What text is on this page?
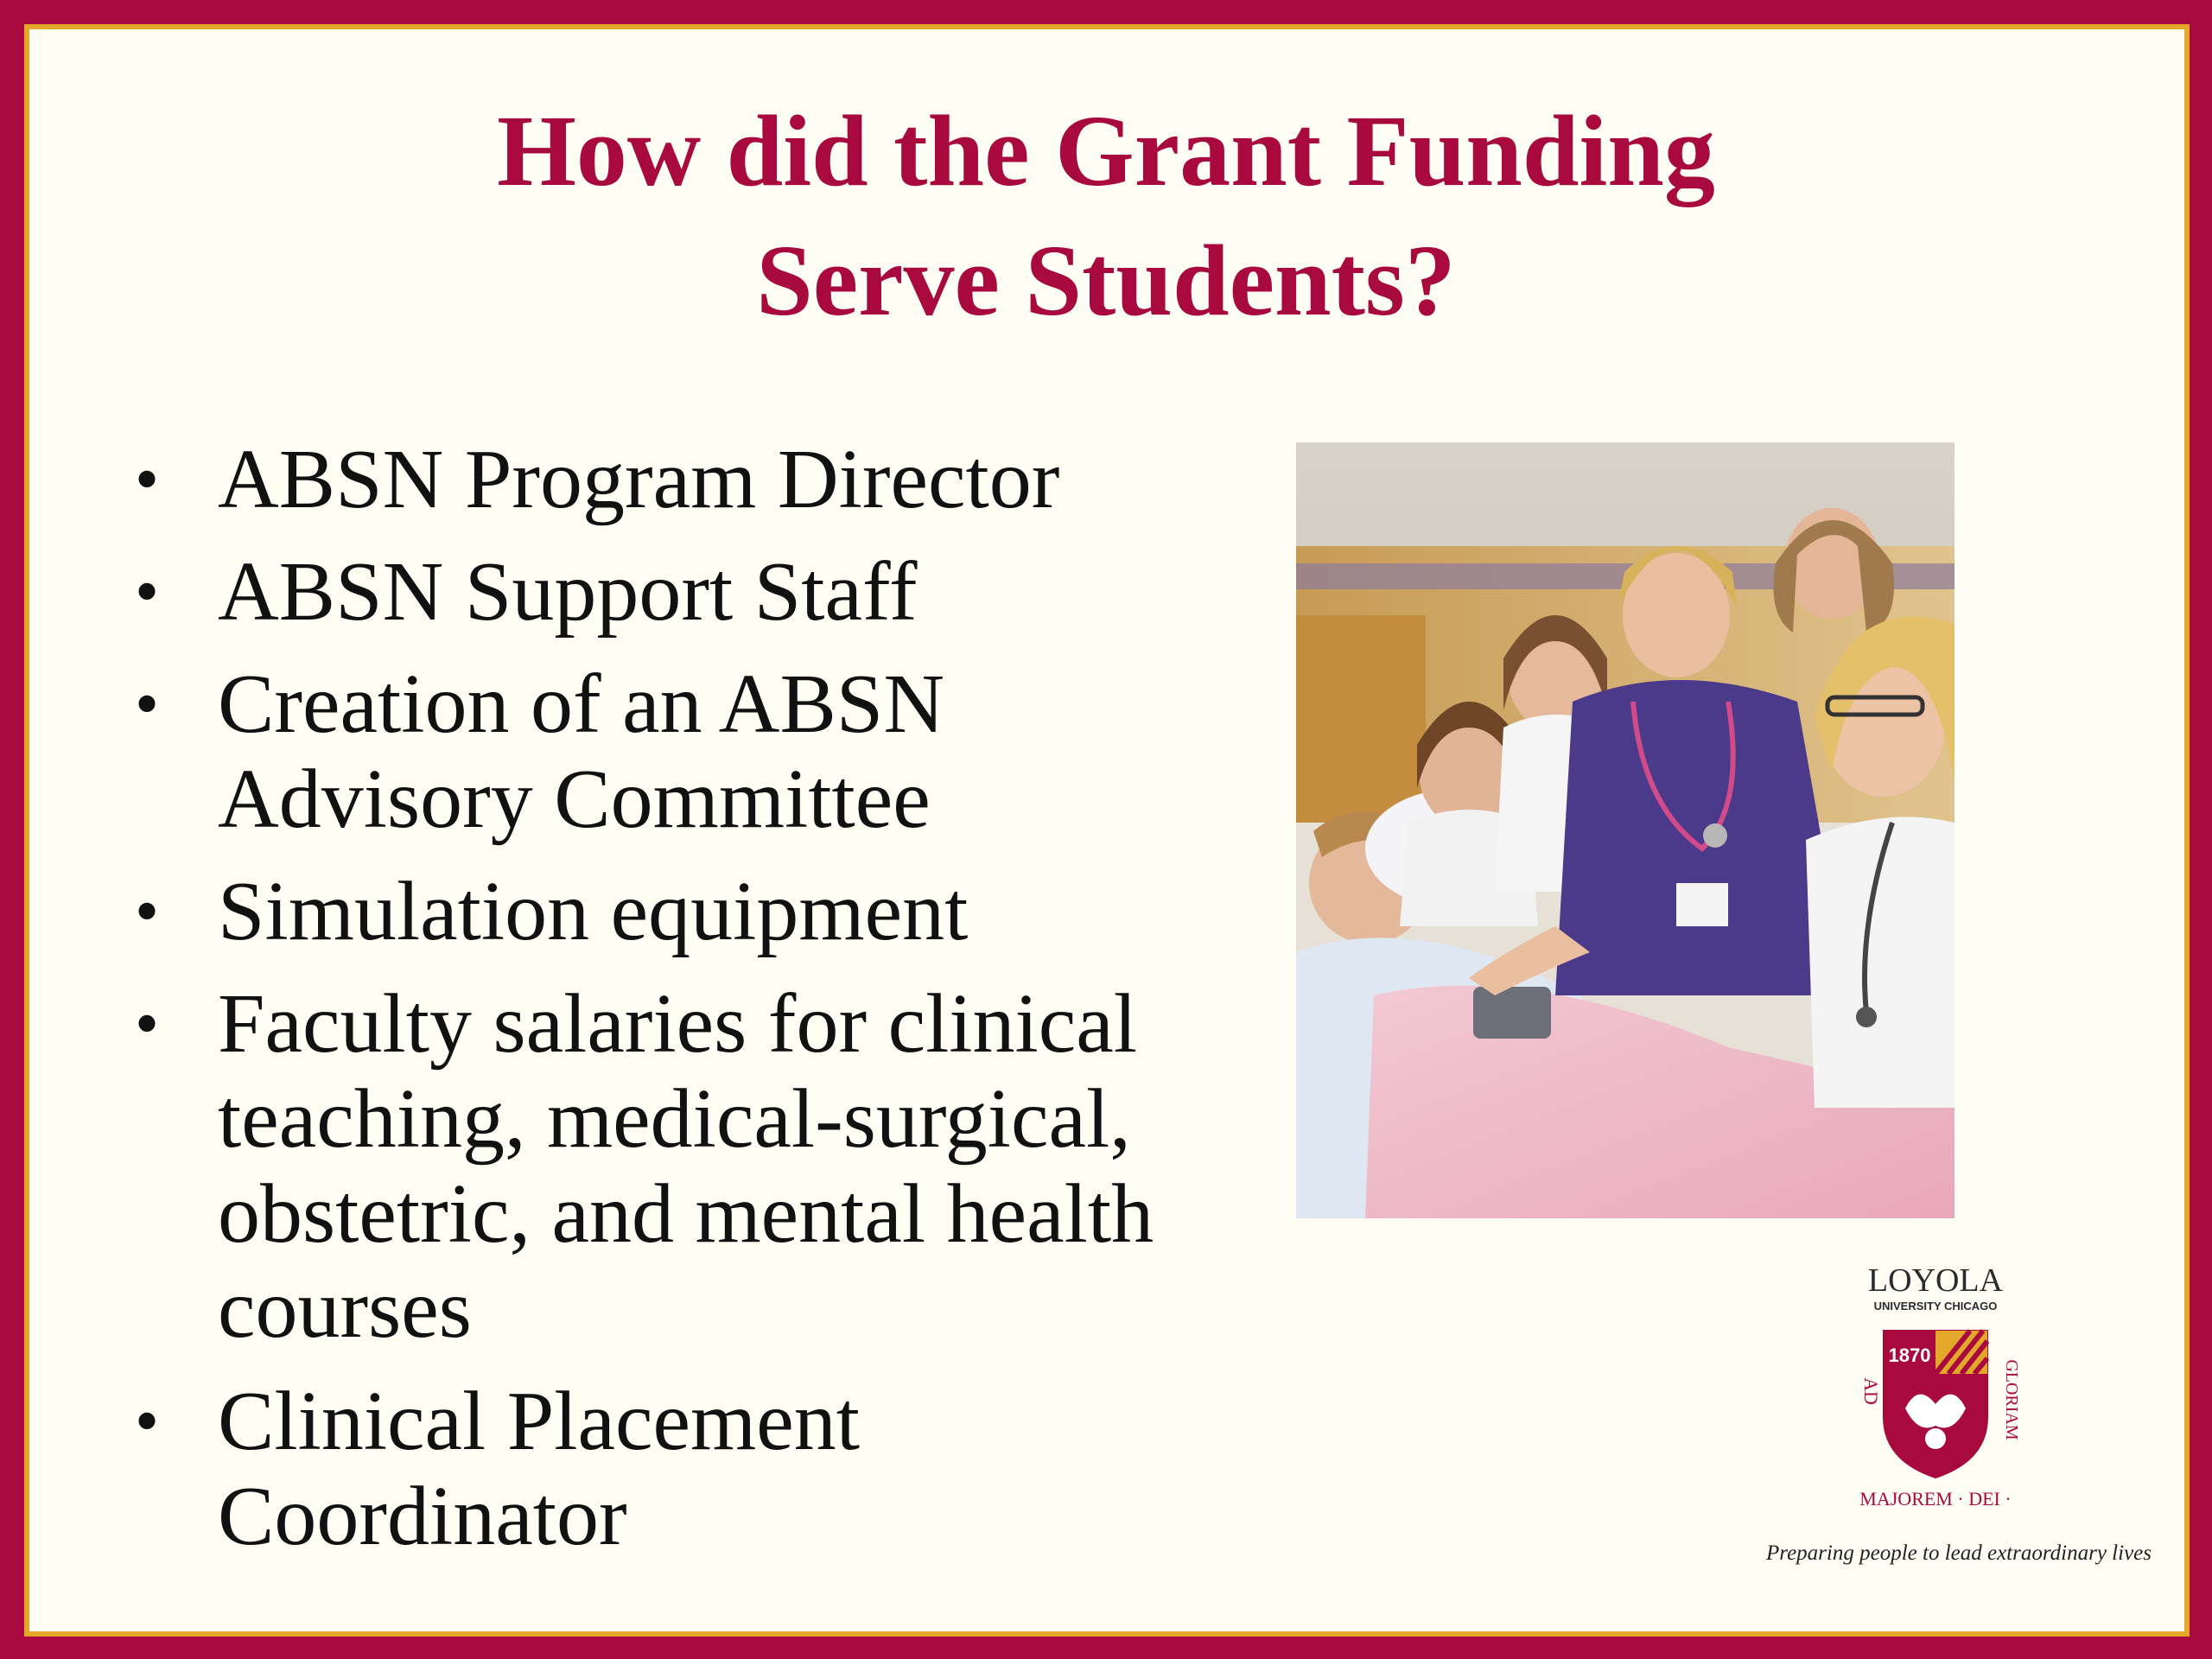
How did the Grant Funding
Serve Students?
• ABSN Program Director
• ABSN Support Staff
• Creation of an ABSN
Advisory Committee
• Simulation equipment
• Faculty salaries for clinical
teaching, medical-surgical,
obstetric, and mental health
courses
• Clinical Placement
Coordinator
LOYOLA
UNIVERSITY CHICAGO
1870
AD
MAJOREM · DEI ·
GLORIAM
Preparing people to lead extraordinary lives
